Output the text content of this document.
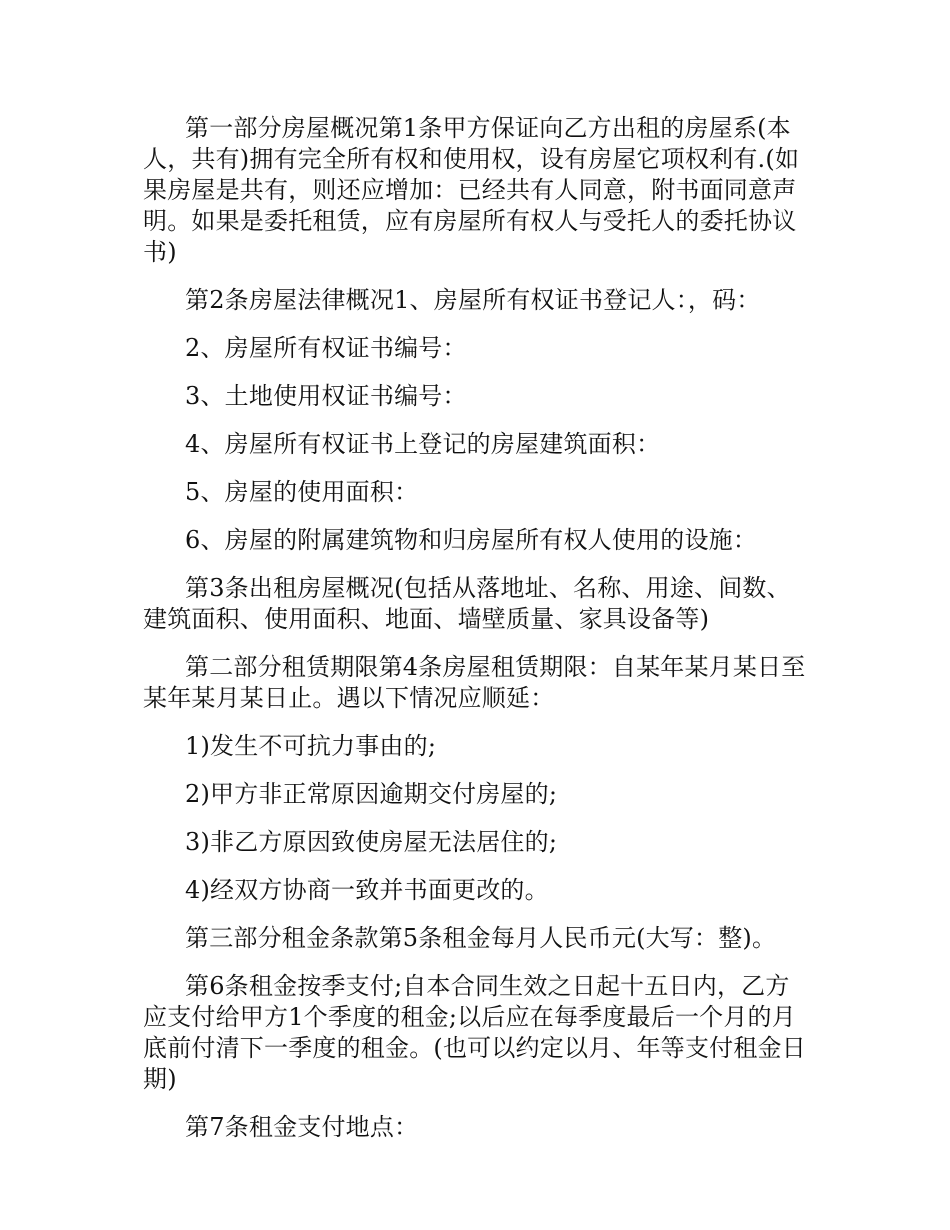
第一部分房屋概况第1条甲方保证向乙方出租的房屋系(本人，共有)拥有完全所有权和使用权，设有房屋它项权利有.(如果房屋是共有，则还应增加：已经共有人同意，附书面同意声明。如果是委托租赁，应有房屋所有权人与受托人的委托协议书)

第2条房屋法律概况1、房屋所有权证书登记人：，码：

2、房屋所有权证书编号：

3、土地使用权证书编号：

4、房屋所有权证书上登记的房屋建筑面积：

5、房屋的使用面积：

6、房屋的附属建筑物和归房屋所有权人使用的设施：

第3条出租房屋概况(包括从落地址、名称、用途、间数、建筑面积、使用面积、地面、墙壁质量、家具设备等)

第二部分租赁期限第4条房屋租赁期限：自某年某月某日至某年某月某日止。遇以下情况应顺延：

1)发生不可抗力事由的;

2)甲方非正常原因逾期交付房屋的;

3)非乙方原因致使房屋无法居住的;

4)经双方协商一致并书面更改的。

第三部分租金条款第5条租金每月人民币元(大写：整)。

第6条租金按季支付;自本合同生效之日起十五日内，乙方应支付给甲方1个季度的租金;以后应在每季度最后一个月的月底前付清下一季度的租金。(也可以约定以月、年等支付租金日期)

第7条租金支付地点：
